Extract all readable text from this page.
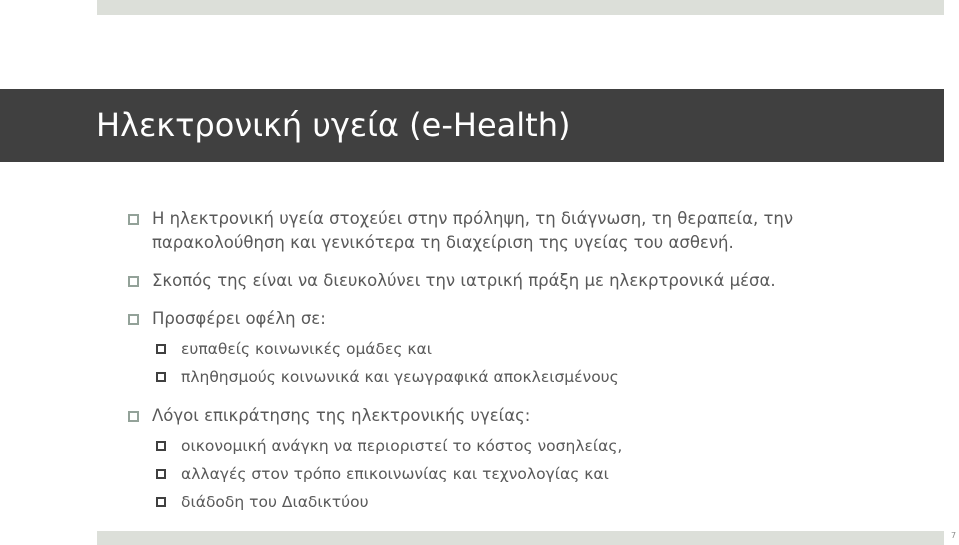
Ηλεκτρονική υγεία (e-Health)
Η ηλεκτρονική υγεία στοχεύει στην πρόληψη, τη διάγνωση, τη θεραπεία, την παρακολούθηση και γενικότερα τη διαχείριση της υγείας του ασθενή.
Σκοπός της είναι να διευκολύνει την ιατρική πράξη με ηλεκρτρονικά μέσα.
Προσφέρει οφέλη σε:
ευπαθείς κοινωνικές ομάδες και
πληθησμούς κοινωνικά και γεωγραφικά αποκλεισμένους
Λόγοι επικράτησης της ηλεκτρονικής υγείας:
οικονομική ανάγκη να περιοριστεί το κόστος νοσηλείας,
αλλαγές στον τρόπο επικοινωνίας και τεχνολογίας και
διάδοδη του Διαδικτύου
7
